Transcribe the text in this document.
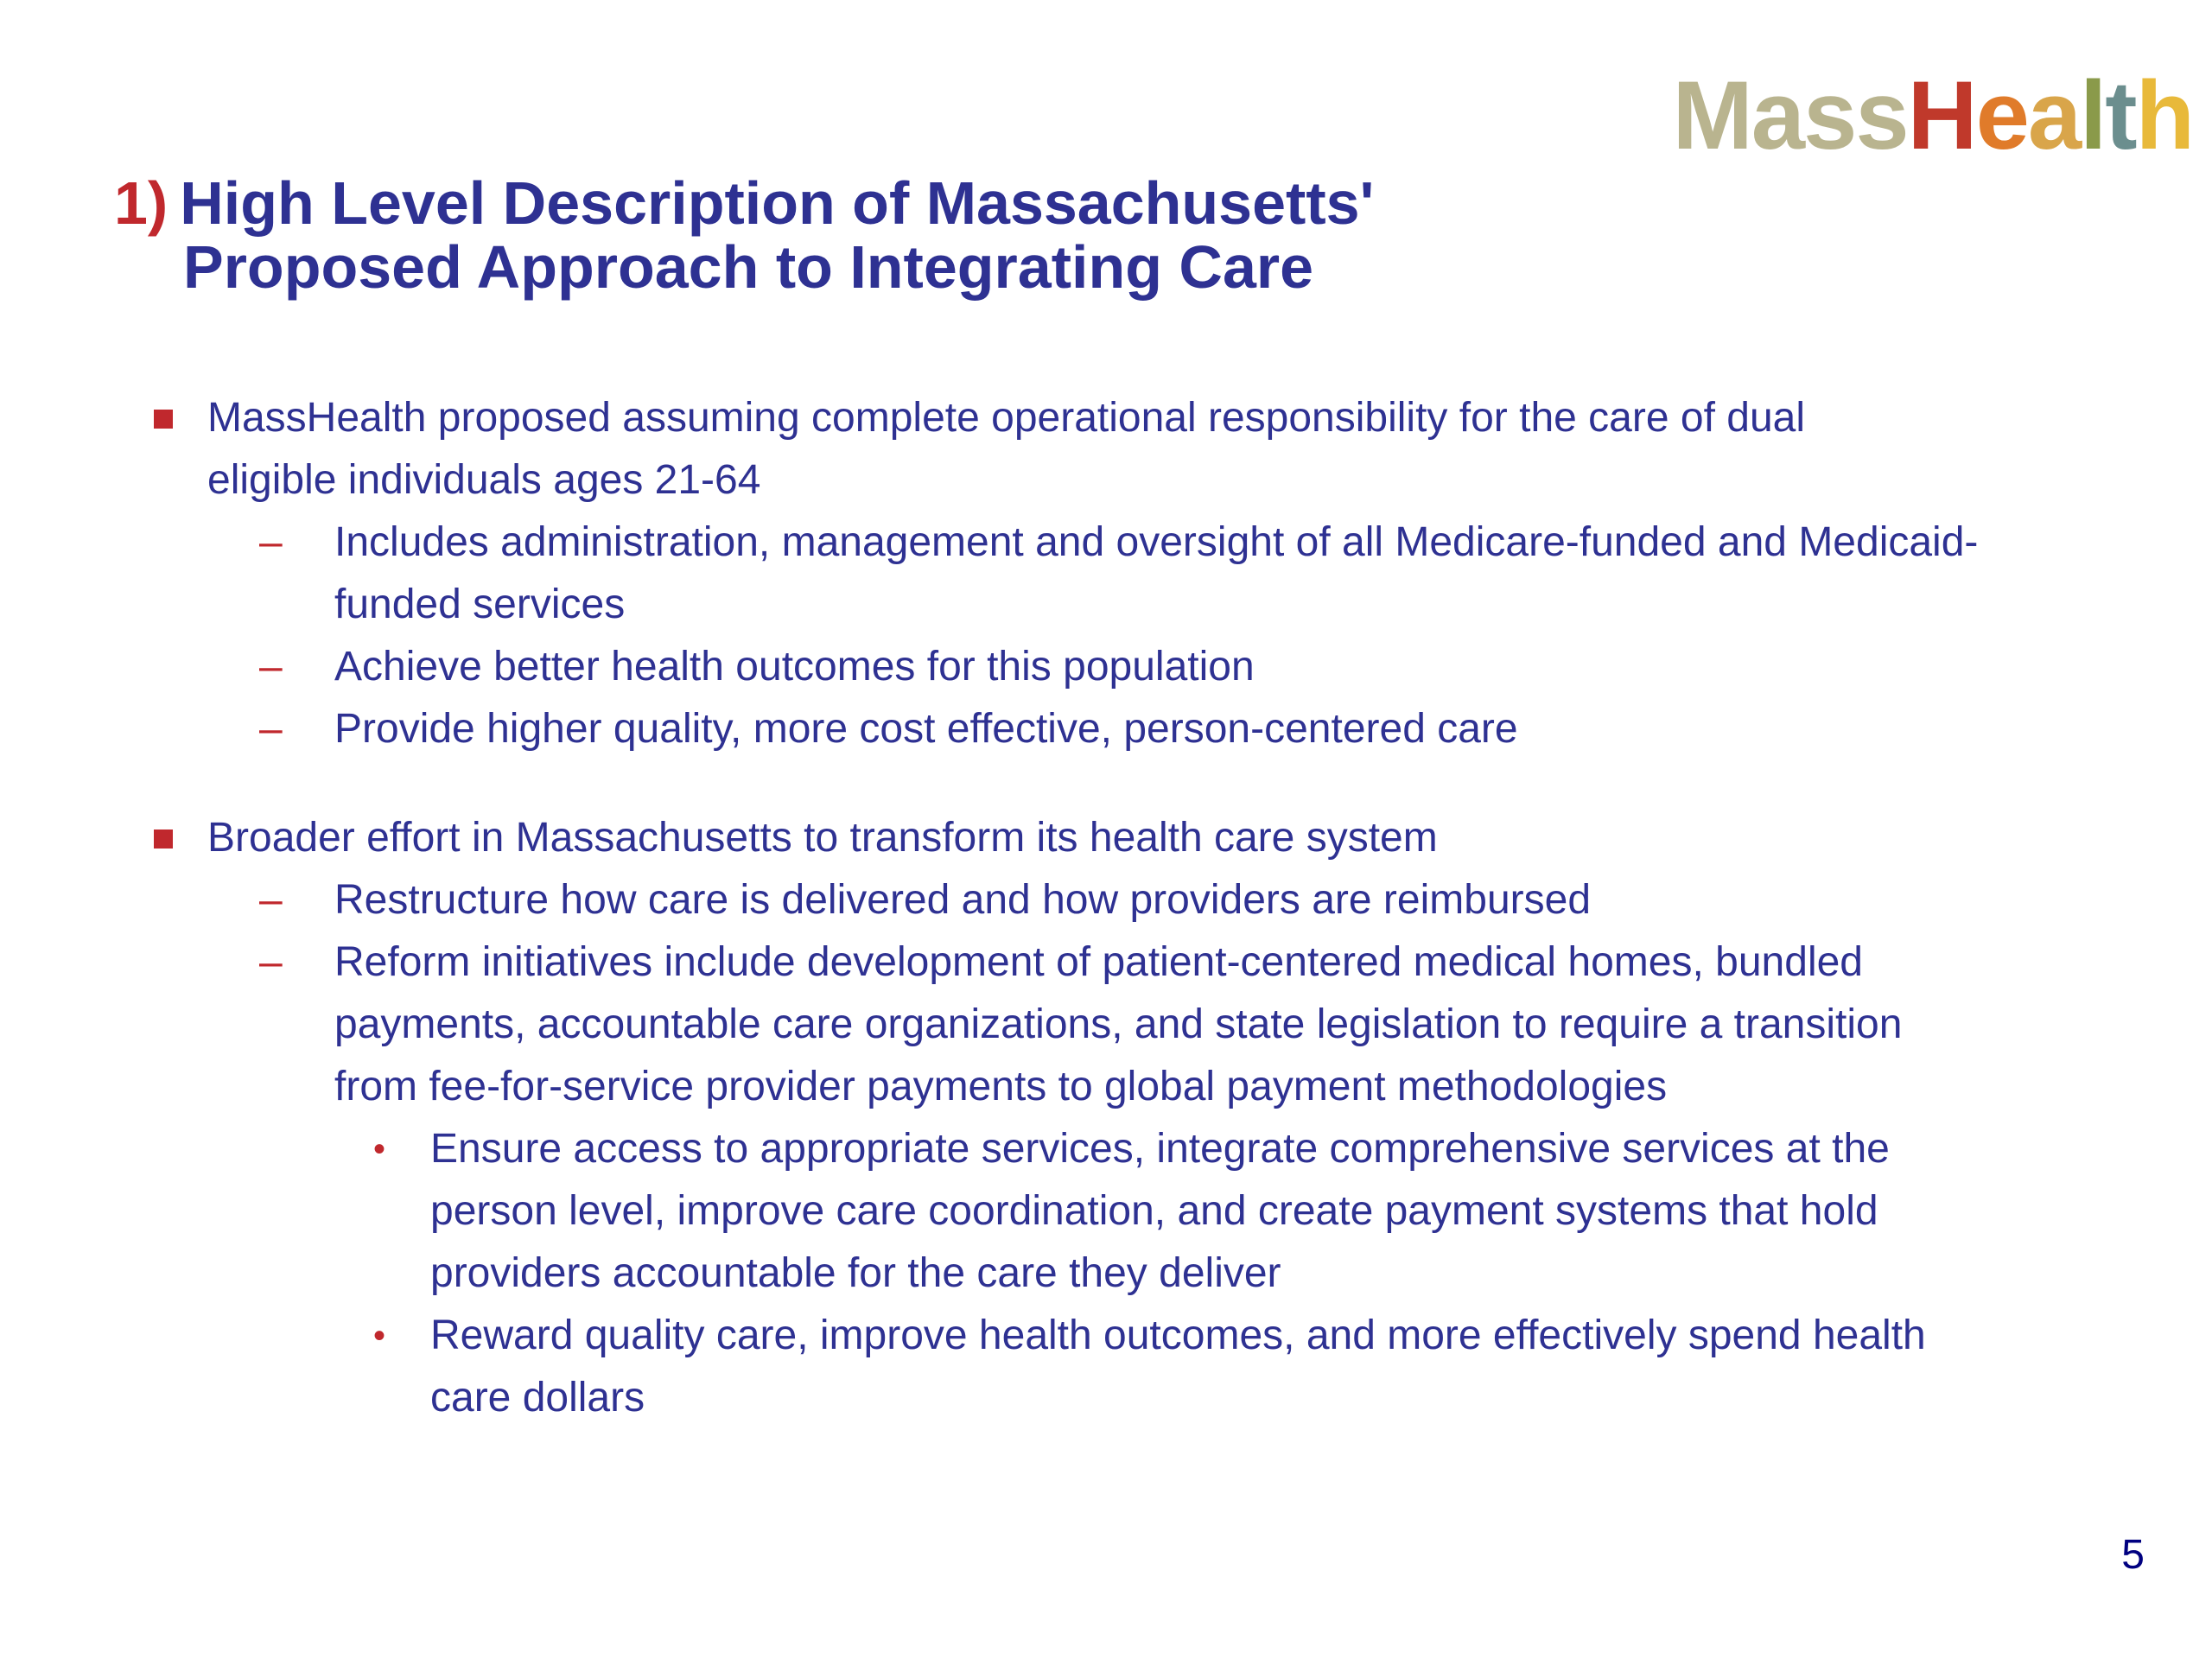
MassHealth
1) High Level Description of Massachusetts'
Proposed Approach to Integrating Care
MassHealth proposed assuming complete operational responsibility for the care of dual eligible individuals ages 21-64
– Includes administration, management and oversight of all Medicare-funded and Medicaid-funded services
– Achieve better health outcomes for this population
– Provide higher quality, more cost effective, person-centered care
Broader effort in Massachusetts to transform its health care system
– Restructure how care is delivered and how providers are reimbursed
– Reform initiatives include development of patient-centered medical homes, bundled payments, accountable care organizations, and state legislation to require a transition from fee-for-service provider payments to global payment methodologies
• Ensure access to appropriate services, integrate comprehensive services at the person level, improve care coordination, and create payment systems that hold providers accountable for the care they deliver
• Reward quality care, improve health outcomes, and more effectively spend health care dollars
5
